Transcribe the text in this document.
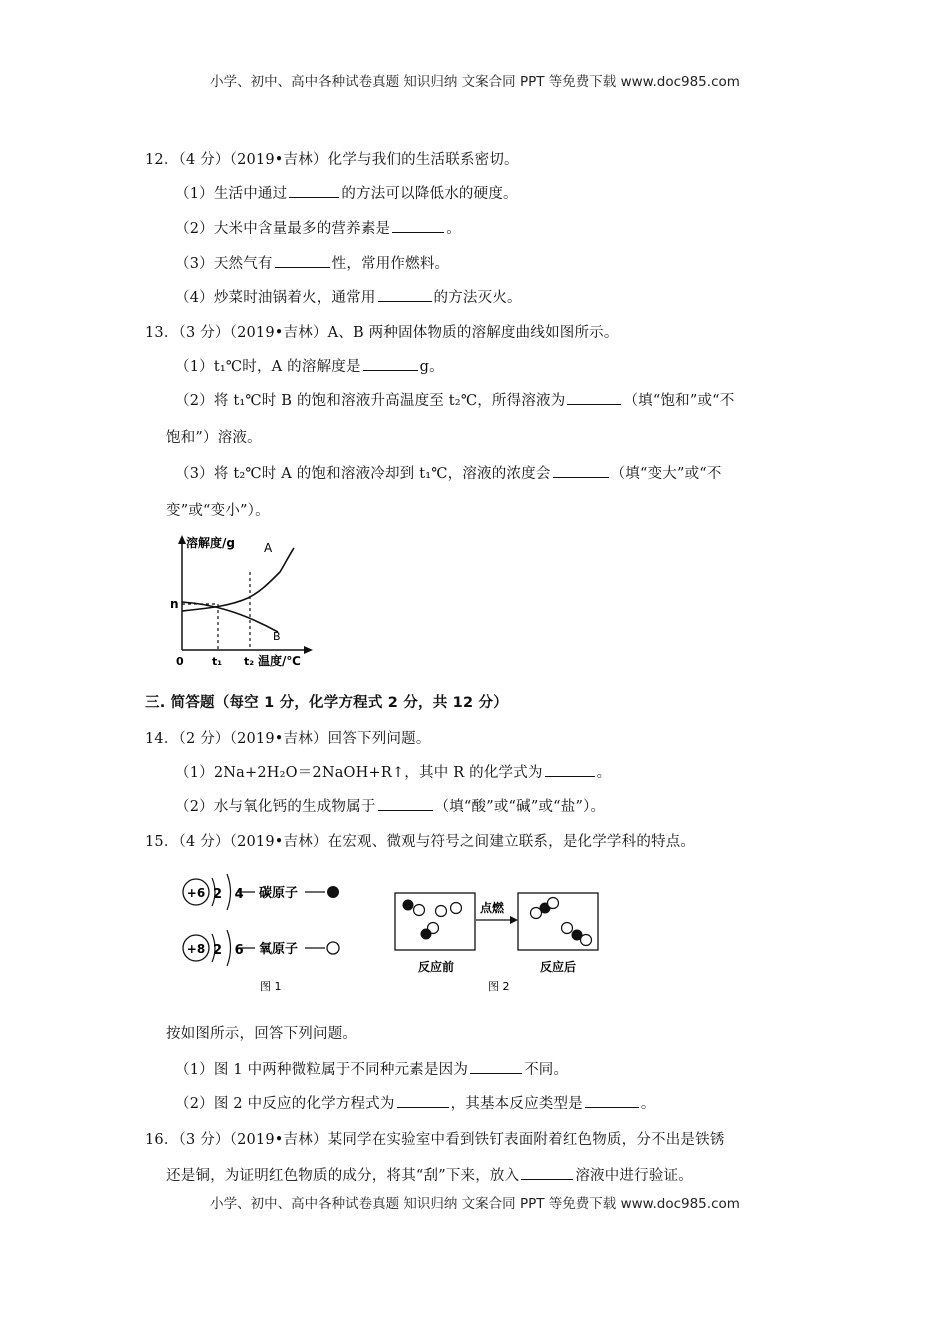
小学、初中、高中各种试卷真题 知识归纳 文案合同 PPT 等免费下载 www.doc985.com
12．（4 分）（2019•吉林）化学与我们的生活联系密切。
（1）生活中通过	的方法可以降低水的硬度。
（2）大米中含量最多的营养素是	。
（3）天然气有	性，常用作燃料。
（4）炒菜时油锅着火，通常用	的方法灭火。
13．（3 分）（2019•吉林）A、B 两种固体物质的溶解度曲线如图所示。
（1）t₁℃时，A 的溶解度是	g。
（2）将 t₁℃时 B 的饱和溶液升高温度至 t₂℃，所得溶液为	（填“饱和”或“不
饱和”）溶液。
（3）将 t₂℃时 A 的饱和溶液冷却到 t₁℃，溶液的浓度会	（填“变大”或“不
变”或“变小”）。
溶解度/g A
B
n
0	t₁ t₂ 温度/℃
三. 简答题（每空 1 分，化学方程式 2 分，共 12 分）
14．（2 分）（2019•吉林）回答下列问题。
（1）2Na+2H₂O＝2NaOH+R↑，其中 R 的化学式为	。
（2）水与氧化钙的生成物属于	（填“酸”或“碱”或“盐”）。
15．（4 分）（2019•吉林）在宏观、微观与符号之间建立联系，是化学学科的特点。
+6 2 4 碳原子
+8 2 6 氧原子
图 1
点燃
反应前	反应后
图 2
按如图所示，回答下列问题。
（1）图 1 中两种微粒属于不同种元素是因为	不同。
（2）图 2 中反应的化学方程式为	，其基本反应类型是	。
16．（3 分）（2019•吉林）某同学在实验室中看到铁钉表面附着红色物质，分不出是铁锈
还是铜，为证明红色物质的成分，将其“刮”下来，放入	溶液中进行验证。
小学、初中、高中各种试卷真题 知识归纳 文案合同 PPT 等免费下载 www.doc985.com
